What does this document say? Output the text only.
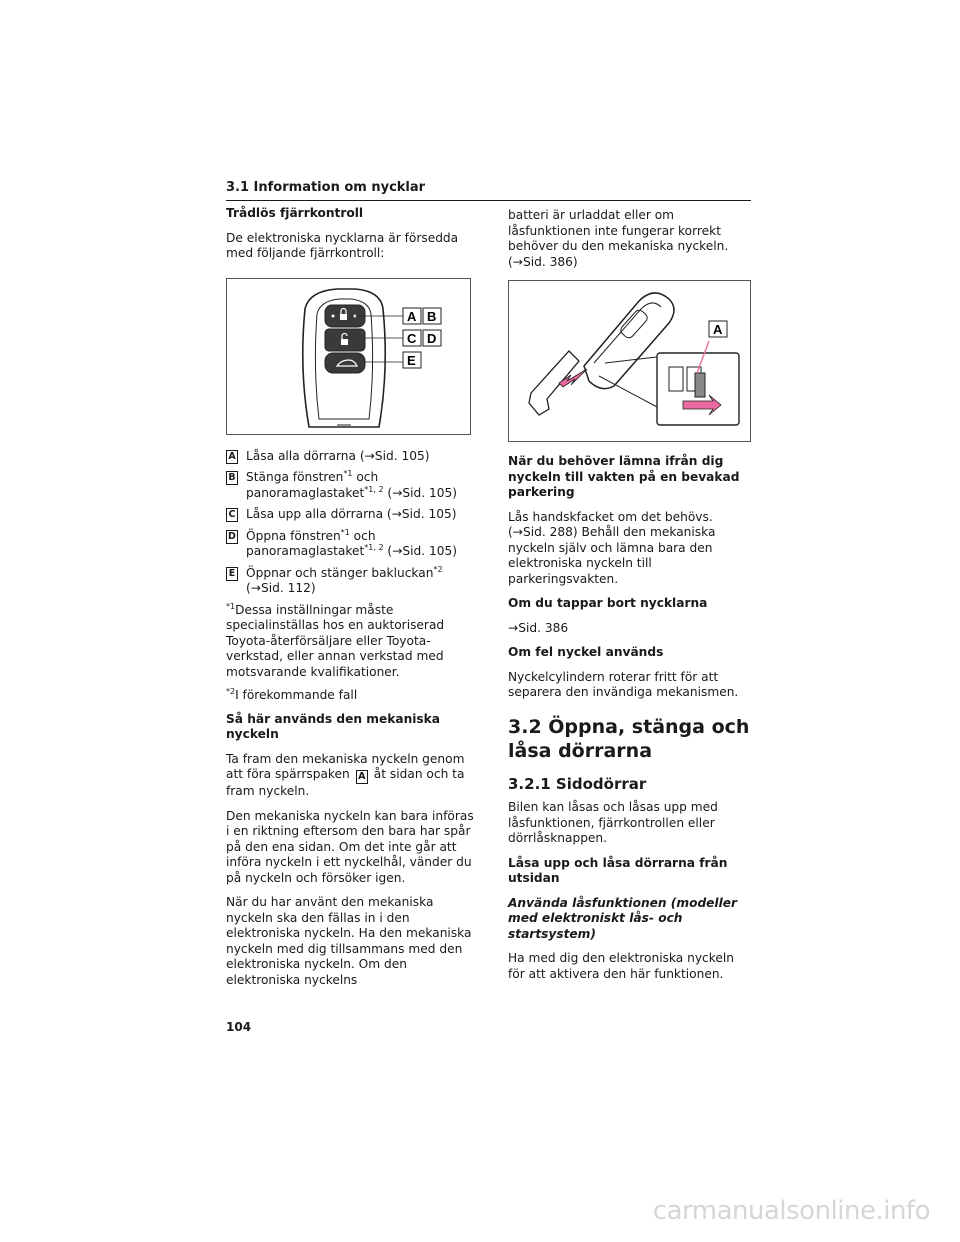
3.1 Information om nycklar

Trådlös fjärrkontroll

De elektroniska nycklarna är försedda med följande fjärrkontroll:

A B
C D
E
A Låsa alla dörrarna (→Sid. 105)
B Stänga fönstren$^{*1}$ och panoramaglastaket$^{*1, 2}$ (→Sid. 105)
C Låsa upp alla dörrarna (→Sid. 105)
D Öppna fönstren$^{*1}$ och panoramaglastaket$^{*1, 2}$ (→Sid. 105)
E Öppnar och stänger bakluckan$^{*2}$ (→Sid. 112)

$^{*1}$Dessa inställningar måste specialinställas hos en auktoriserad Toyota-återförsäljare eller Toyota-verkstad, eller annan verkstad med motsvarande kvalifikationer.

$^{*2}$I förekommande fall

Så här används den mekaniska nyckeln

Ta fram den mekaniska nyckeln genom att föra spärrspaken A åt sidan och ta fram nyckeln.

Den mekaniska nyckeln kan bara införas i en riktning eftersom den bara har spår på den ena sidan. Om det inte går att införa nyckeln i ett nyckelhål, vänder du på nyckeln och försöker igen.

När du har använt den mekaniska nyckeln ska den fällas in i den elektroniska nyckeln. Ha den mekaniska nyckeln med dig tillsammans med den elektroniska nyckeln. Om den elektroniska nyckelns

batteri är urladdat eller om låsfunktionen inte fungerar korrekt behöver du den mekaniska nyckeln. (→Sid. 386)

A

När du behöver lämna ifrån dig nyckeln till vakten på en bevakad parkering

Lås handskfacket om det behövs. (→Sid. 288) Behåll den mekaniska nyckeln själv och lämna bara den elektroniska nyckeln till parkeringsvakten.

Om du tappar bort nycklarna

→Sid. 386

Om fel nyckel används

Nyckelcylindern roterar fritt för att separera den invändiga mekanismen.

3.2 Öppna, stänga och låsa dörrarna
3.2.1 Sidodörrar

Bilen kan låsas och låsas upp med låsfunktionen, fjärrkontrollen eller dörrlåsknappen.

Låsa upp och låsa dörrarna från utsidan

Använda låsfunktionen (modeller med elektroniskt lås- och startsystem)

Ha med dig den elektroniska nyckeln för att aktivera den här funktionen.

104
carmanualsonline.info
